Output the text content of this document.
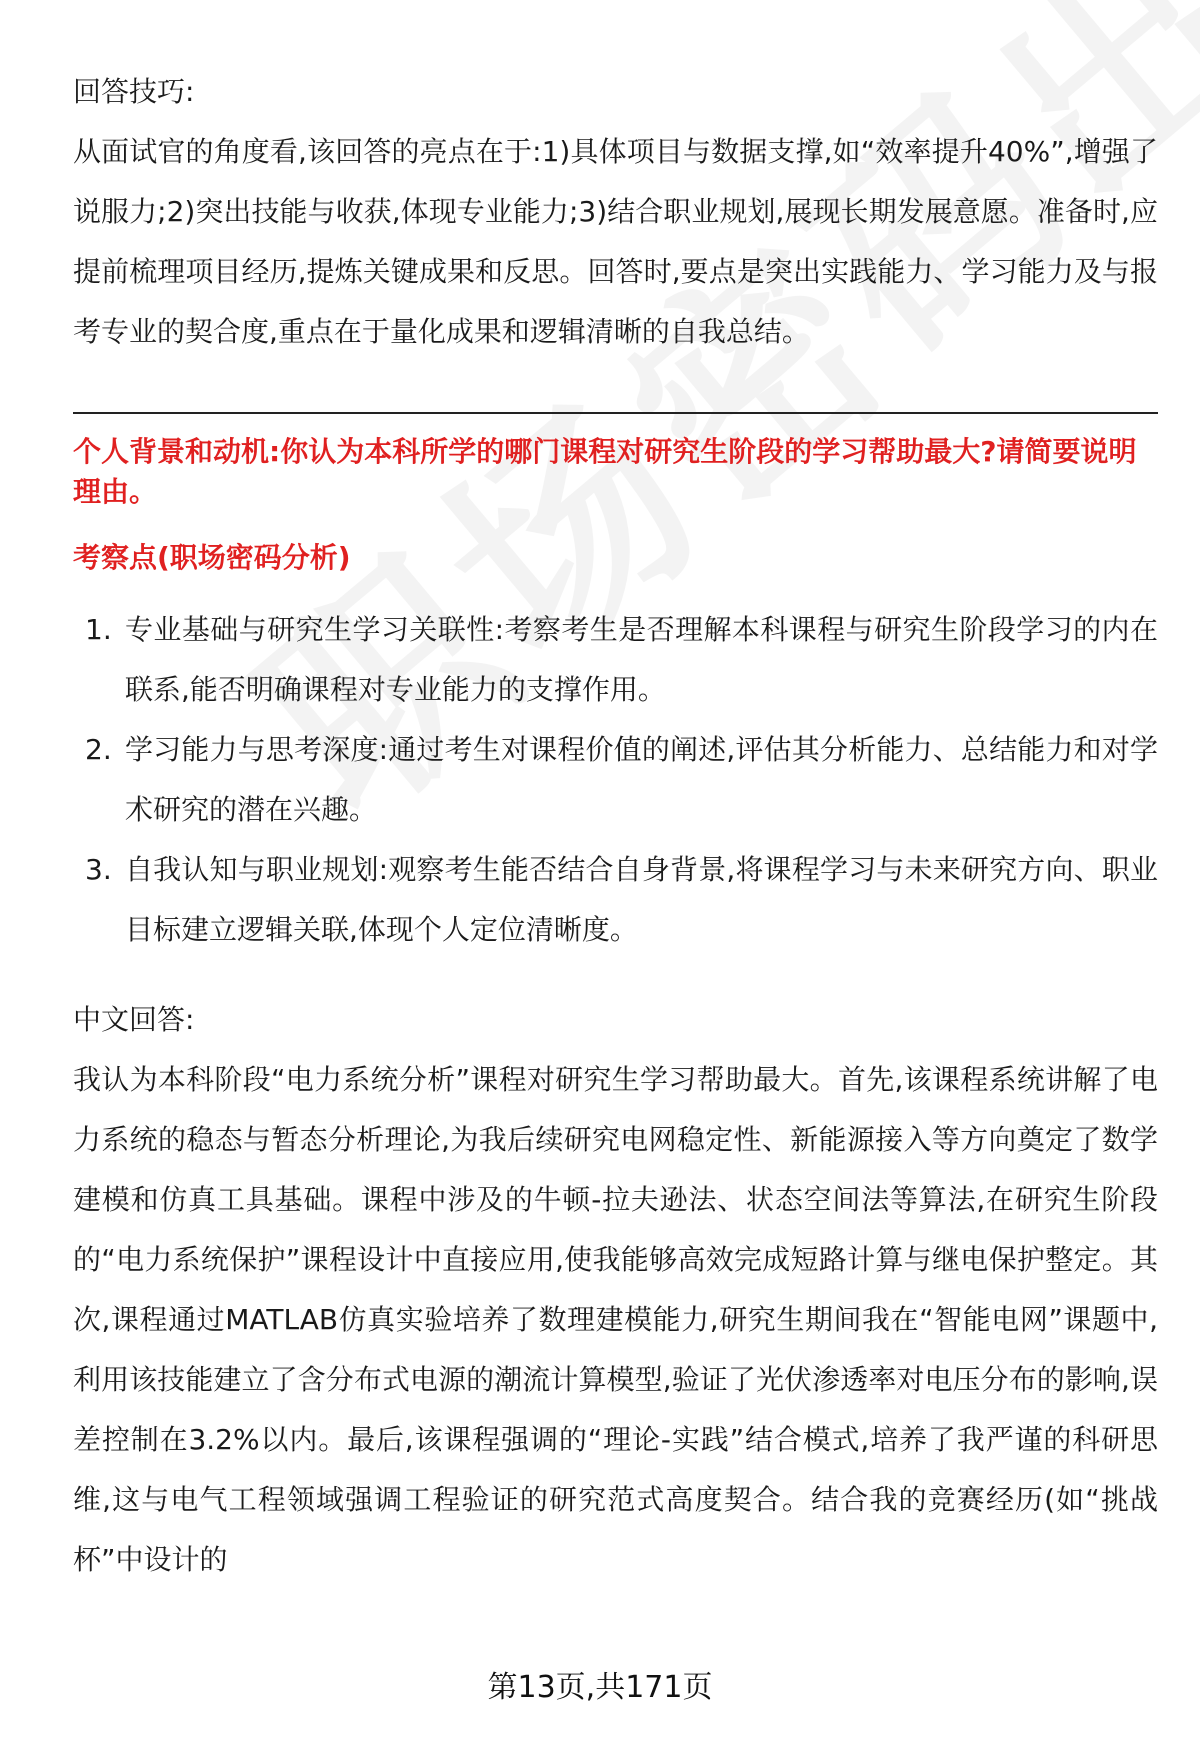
回答技巧:

从面试官的角度看,该回答的亮点在于:1)具体项目与数据支撑,如“效率提升40%”,增强了说服力;2)突出技能与收获,体现专业能力;3)结合职业规划,展现长期发展意愿。准备时,应提前梳理项目经历,提炼关键成果和反思。回答时,要点是突出实践能力、学习能力及与报考专业的契合度,重点在于量化成果和逻辑清晰的自我总结。

个人背景和动机:你认为本科所学的哪门课程对研究生阶段的学习帮助最大?请简要说明理由。

考察点(职场密码分析)

1. 专业基础与研究生学习关联性:考察考生是否理解本科课程与研究生阶段学习的内在联系,能否明确课程对专业能力的支撑作用。
2. 学习能力与思考深度:通过考生对课程价值的阐述,评估其分析能力、总结能力和对学术研究的潜在兴趣。
3. 自我认知与职业规划:观察考生能否结合自身背景,将课程学习与未来研究方向、职业目标建立逻辑关联,体现个人定位清晰度。

中文回答:

我认为本科阶段“电力系统分析”课程对研究生学习帮助最大。首先,该课程系统讲解了电力系统的稳态与暂态分析理论,为我后续研究电网稳定性、新能源接入等方向奠定了数学建模和仿真工具基础。课程中涉及的牛顿-拉夫逊法、状态空间法等算法,在研究生阶段的“电力系统保护”课程设计中直接应用,使我能够高效完成短路计算与继电保护整定。其次,课程通过MATLAB仿真实验培养了数理建模能力,研究生期间我在“智能电网”课题中,利用该技能建立了含分布式电源的潮流计算模型,验证了光伏渗透率对电压分布的影响,误差控制在3.2%以内。最后,该课程强调的“理论-实践”结合模式,培养了我严谨的科研思维,这与电气工程领域强调工程验证的研究范式高度契合。结合我的竞赛经历(如“挑战杯”中设计的

第13页,共171页
